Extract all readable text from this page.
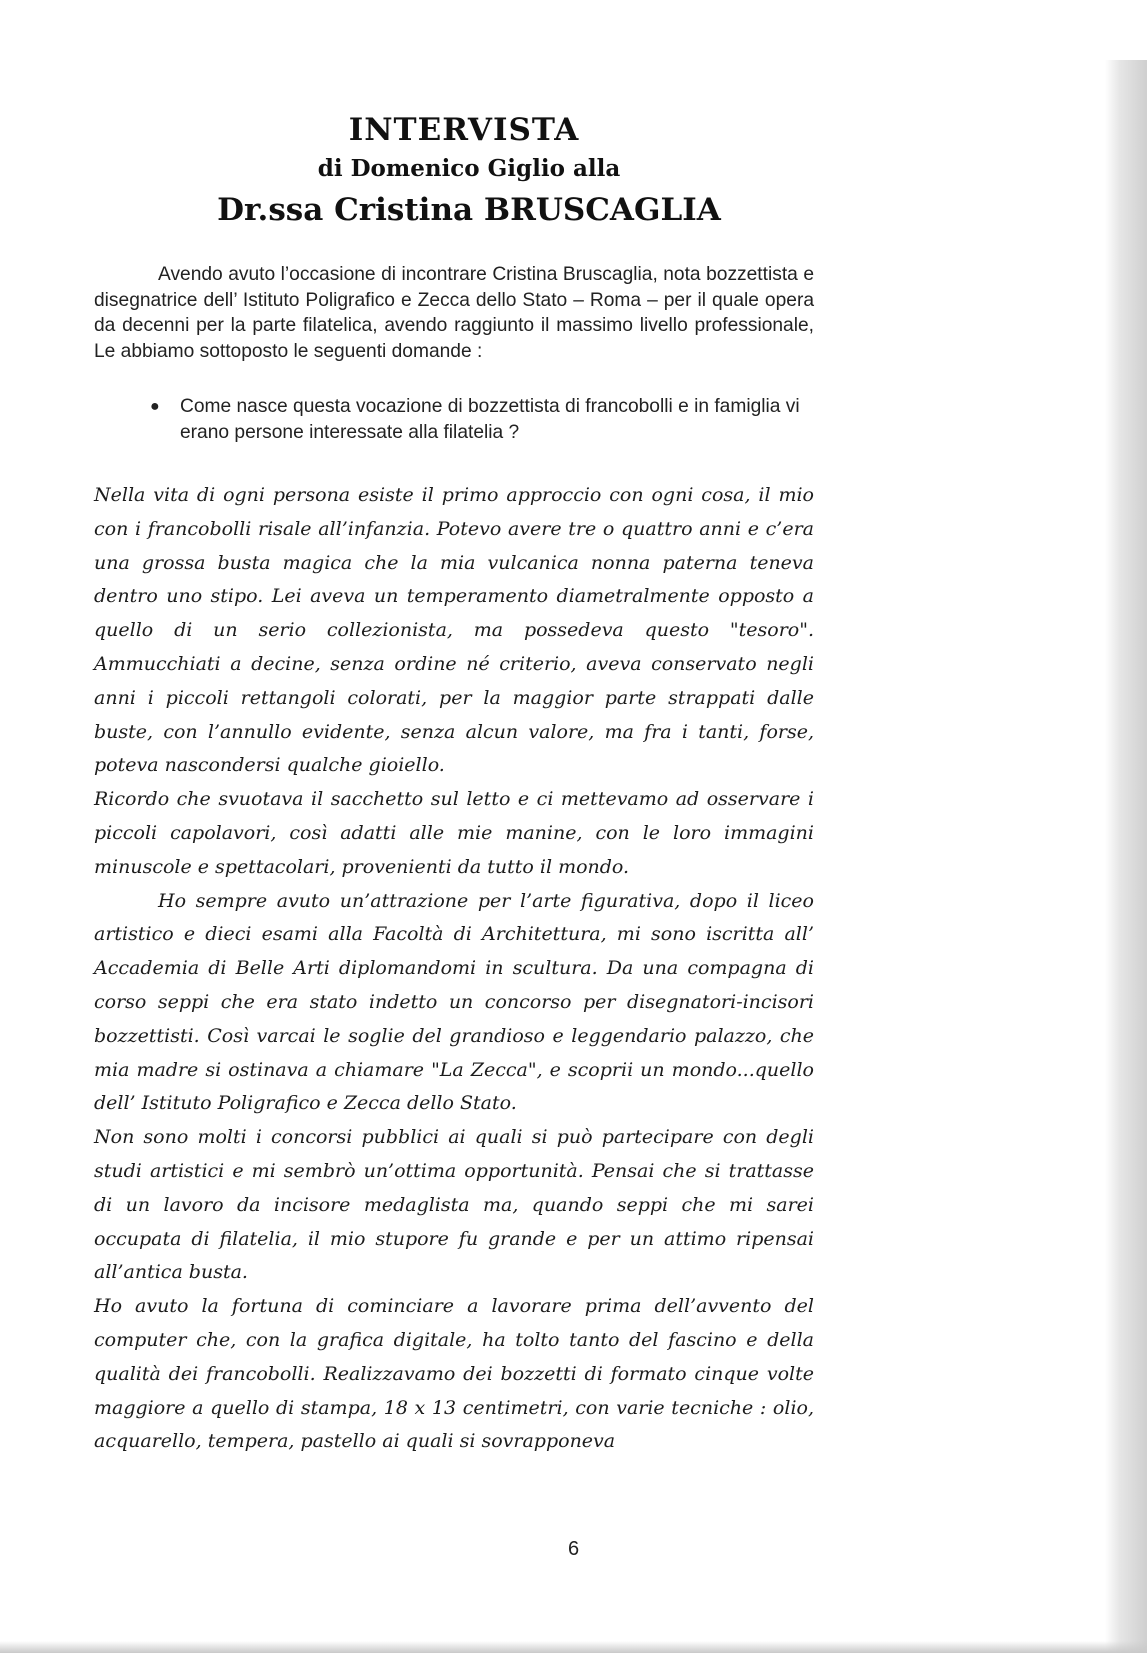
INTERVISTA
di Domenico Giglio alla
Dr.ssa Cristina BRUSCAGLIA

Avendo avuto l’occasione di incontrare Cristina Bruscaglia, nota bozzettista e disegnatrice dell’ Istituto Poligrafico e Zecca dello Stato – Roma – per il quale opera da decenni per la parte filatelica, avendo raggiunto il massimo livello professionale, Le abbiamo sottoposto le seguenti domande :

●	Come nasce questa vocazione di bozzettista di francobolli e in famiglia vi erano persone interessate alla filatelia ?

Nella vita di ogni persona esiste il primo approccio con ogni cosa, il mio con i francobolli risale all’infanzia. Potevo avere tre o quattro anni e c’era una grossa busta magica che la mia vulcanica nonna paterna teneva dentro uno stipo. Lei aveva un temperamento diametralmente opposto a quello di un serio collezionista, ma possedeva questo "tesoro". Ammucchiati a decine, senza ordine né criterio, aveva conservato negli anni i piccoli rettangoli colorati, per la maggior parte strappati dalle buste, con l’annullo evidente, senza alcun valore, ma fra i tanti, forse, poteva nascondersi qualche gioiello.

Ricordo che svuotava il sacchetto sul letto e ci mettevamo ad osservare i piccoli capolavori, così adatti alle mie manine, con le loro immagini minuscole e spettacolari, provenienti da tutto il mondo.

Ho sempre avuto un’attrazione per l’arte figurativa, dopo il liceo artistico e dieci esami alla Facoltà di Architettura, mi sono iscritta all’ Accademia di Belle Arti diplomandomi in scultura. Da una compagna di corso seppi che era stato indetto un concorso per disegnatori-incisori bozzettisti. Così varcai le soglie del grandioso e leggendario palazzo, che mia madre si ostinava a chiamare "La Zecca", e scoprii un mondo...quello dell’ Istituto Poligrafico e Zecca dello Stato.

Non sono molti i concorsi pubblici ai quali si può partecipare con degli studi artistici e mi sembrò un’ottima opportunità. Pensai che si trattasse di un lavoro da incisore medaglista ma, quando seppi che mi sarei occupata di filatelia, il mio stupore fu grande e per un attimo ripensai all’antica busta.

Ho avuto la fortuna di cominciare a lavorare prima dell’avvento del computer che, con la grafica digitale, ha tolto tanto del fascino e della qualità dei francobolli. Realizzavamo dei bozzetti di formato cinque volte maggiore a quello di stampa, 18 x 13 centimetri, con varie tecniche : olio, acquarello, tempera, pastello ai quali si sovrapponeva

6
